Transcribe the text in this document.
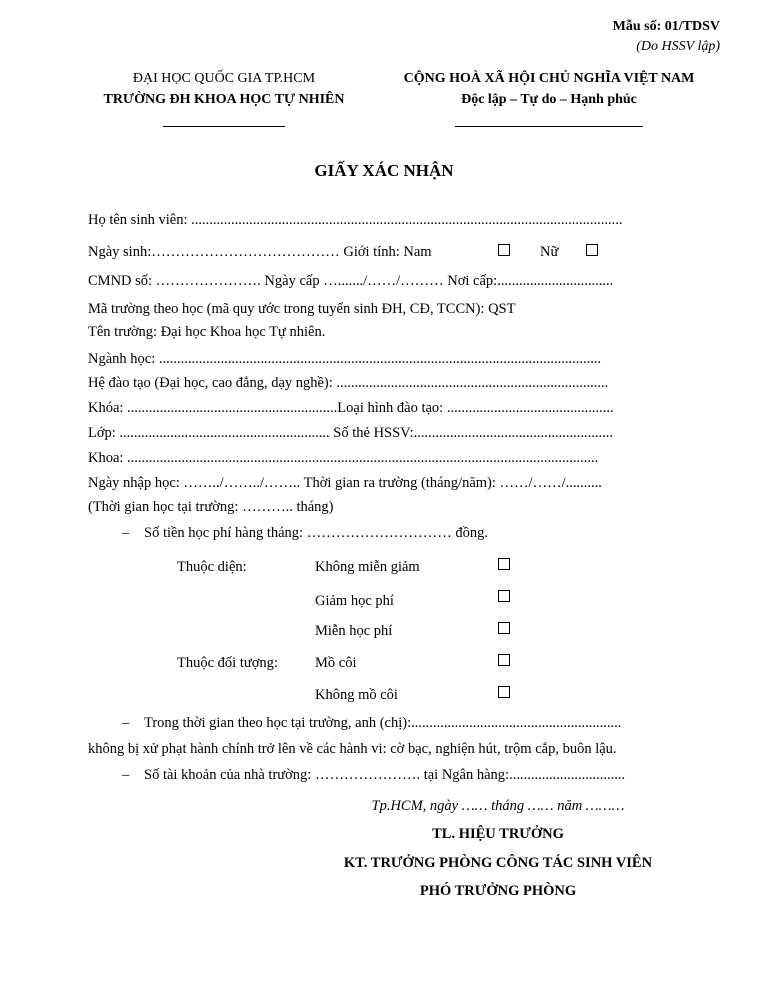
Mẫu số: 01/TDSV
(Do HSSV lập)
ĐẠI HỌC QUỐC GIA TP.HCM
TRƯỜNG ĐH KHOA HỌC TỰ NHIÊN
CỘNG HOÀ XÃ HỘI CHỦ NGHĨA VIỆT NAM
Độc lập – Tự do – Hạnh phúc
GIẤY XÁC NHẬN
Họ tên sinh viên: .......................................................................................................................
Ngày sinh:………………………………… Giới tính: Nam	Nữ
CMND số: …………………. Ngày cấp …......./……/……… Nơi cấp:................................
Mã trường theo học (mã quy ước trong tuyển sinh ĐH, CĐ, TCCN): QST
Tên trường: Đại học Khoa học Tự nhiên.
Ngành học: ..........................................................................................................................
Hệ đào tạo (Đại học, cao đẳng, dạy nghề): ...........................................................................
Khóa: ..........................................................Loại hình đào tạo: ..............................................
Lớp: .......................................................... Số thẻ HSSV:.......................................................
Khoa: ..................................................................................................................................
Ngày nhập học: ……../……../…….. Thời gian ra trường (tháng/năm): ……/……/..........
(Thời gian học tại trường: ……….. tháng)
– Số tiền học phí hàng tháng: ………………………… đồng.
Thuộc diện:	Không miễn giảm
Giảm học phí
Miễn học phí
Thuộc đối tượng:	Mồ côi
Không mồ côi
– Trong thời gian theo học tại trường, anh (chị):..........................................................
không bị xử phạt hành chính trở lên về các hành vi: cờ bạc, nghiện hút, trộm cắp, buôn lậu.
– Số tài khoản của nhà trường: …………………. tại Ngân hàng:................................
Tp.HCM, ngày …… tháng …… năm ………
TL. HIỆU TRƯỞNG
KT. TRƯỞNG PHÒNG CÔNG TÁC SINH VIÊN
PHÓ TRƯỞNG PHÒNG
